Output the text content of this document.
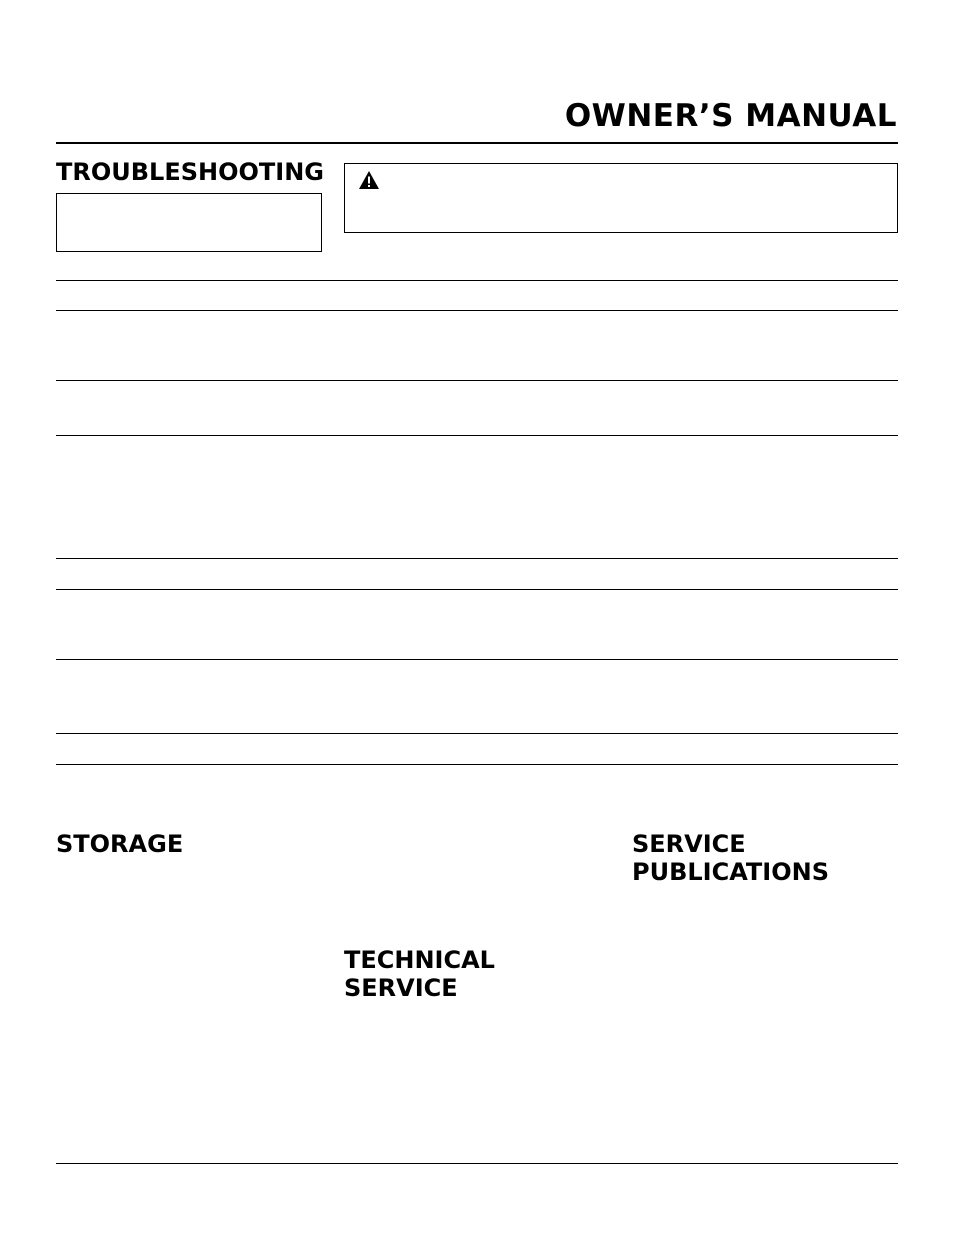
OWNER’S MANUAL
TROUBLESHOOTING
STORAGE
TECHNICAL
SERVICE
SERVICE
PUBLICATIONS
